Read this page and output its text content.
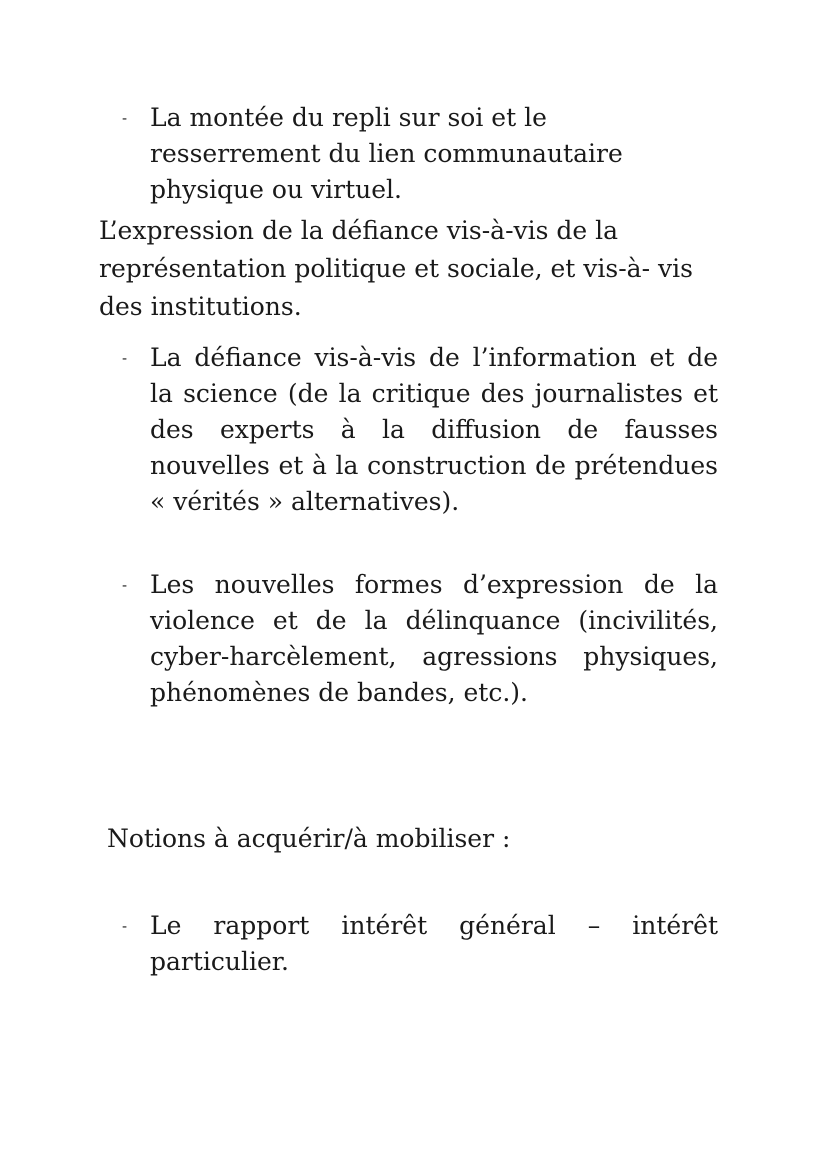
- La montée du repli sur soi et le resserrement du lien communautaire physique ou virtuel.
L’expression de la défiance vis-à-vis de la représentation politique et sociale, et vis-à- vis des institutions.
- La défiance vis-à-vis de l’information et de la science (de la critique des journalistes et des experts à la diffusion de fausses nouvelles et à la construction de prétendues « vérités » alternatives).
- Les nouvelles formes d’expression de la violence et de la délinquance (incivilités, cyber-harcèlement, agressions physiques, phénomènes de bandes, etc.).
Notions à acquérir/à mobiliser :
- Le rapport intérêt général – intérêt particulier.
